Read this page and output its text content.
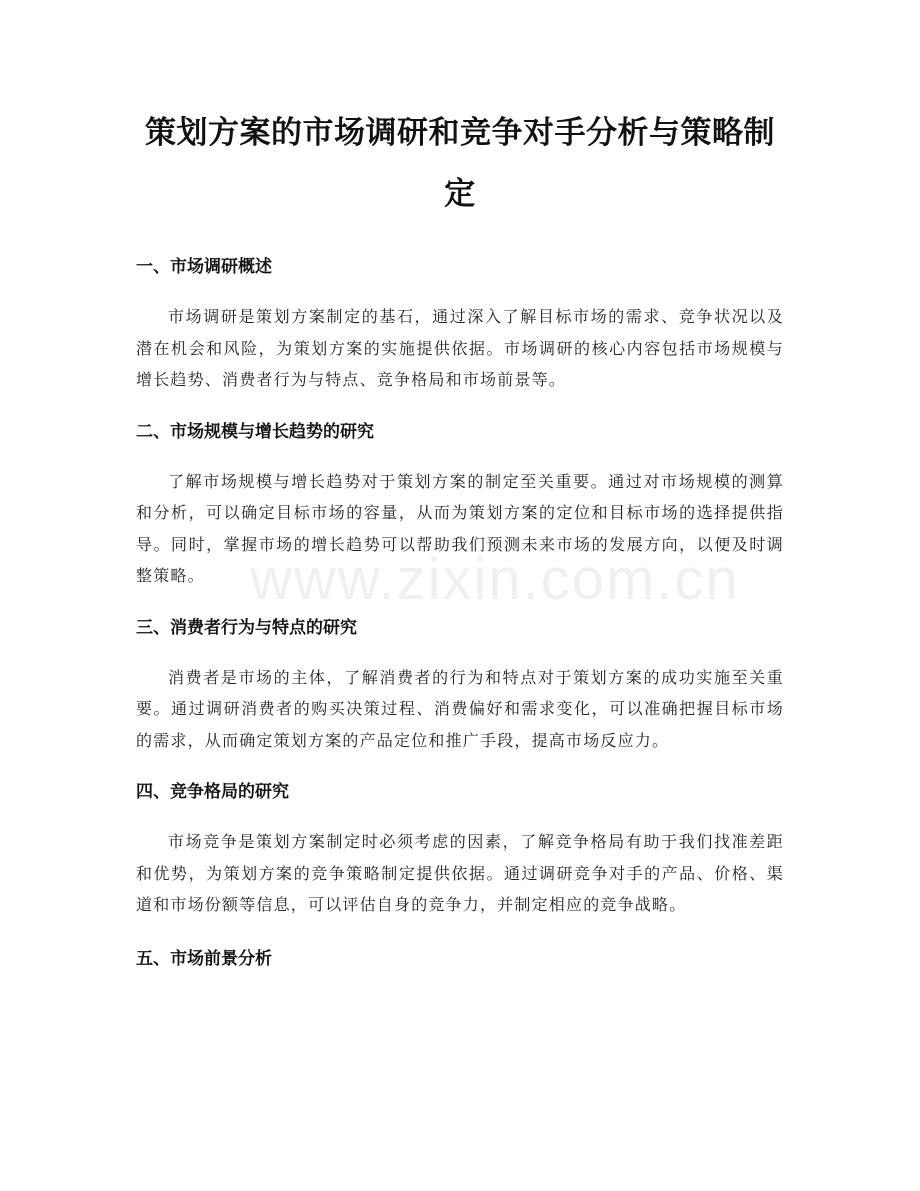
策划方案的市场调研和竞争对手分析与策略制定
一、市场调研概述

市场调研是策划方案制定的基石，通过深入了解目标市场的需求、竞争状况以及潜在机会和风险，为策划方案的实施提供依据。市场调研的核心内容包括市场规模与增长趋势、消费者行为与特点、竞争格局和市场前景等。

二、市场规模与增长趋势的研究

了解市场规模与增长趋势对于策划方案的制定至关重要。通过对市场规模的测算和分析，可以确定目标市场的容量，从而为策划方案的定位和目标市场的选择提供指导。同时，掌握市场的增长趋势可以帮助我们预测未来市场的发展方向，以便及时调整策略。

三、消费者行为与特点的研究

消费者是市场的主体，了解消费者的行为和特点对于策划方案的成功实施至关重要。通过调研消费者的购买决策过程、消费偏好和需求变化，可以准确把握目标市场的需求，从而确定策划方案的产品定位和推广手段，提高市场反应力。

四、竞争格局的研究

市场竞争是策划方案制定时必须考虑的因素，了解竞争格局有助于我们找准差距和优势，为策划方案的竞争策略制定提供依据。通过调研竞争对手的产品、价格、渠道和市场份额等信息，可以评估自身的竞争力，并制定相应的竞争战略。

五、市场前景分析
www.zixin.com.cn
